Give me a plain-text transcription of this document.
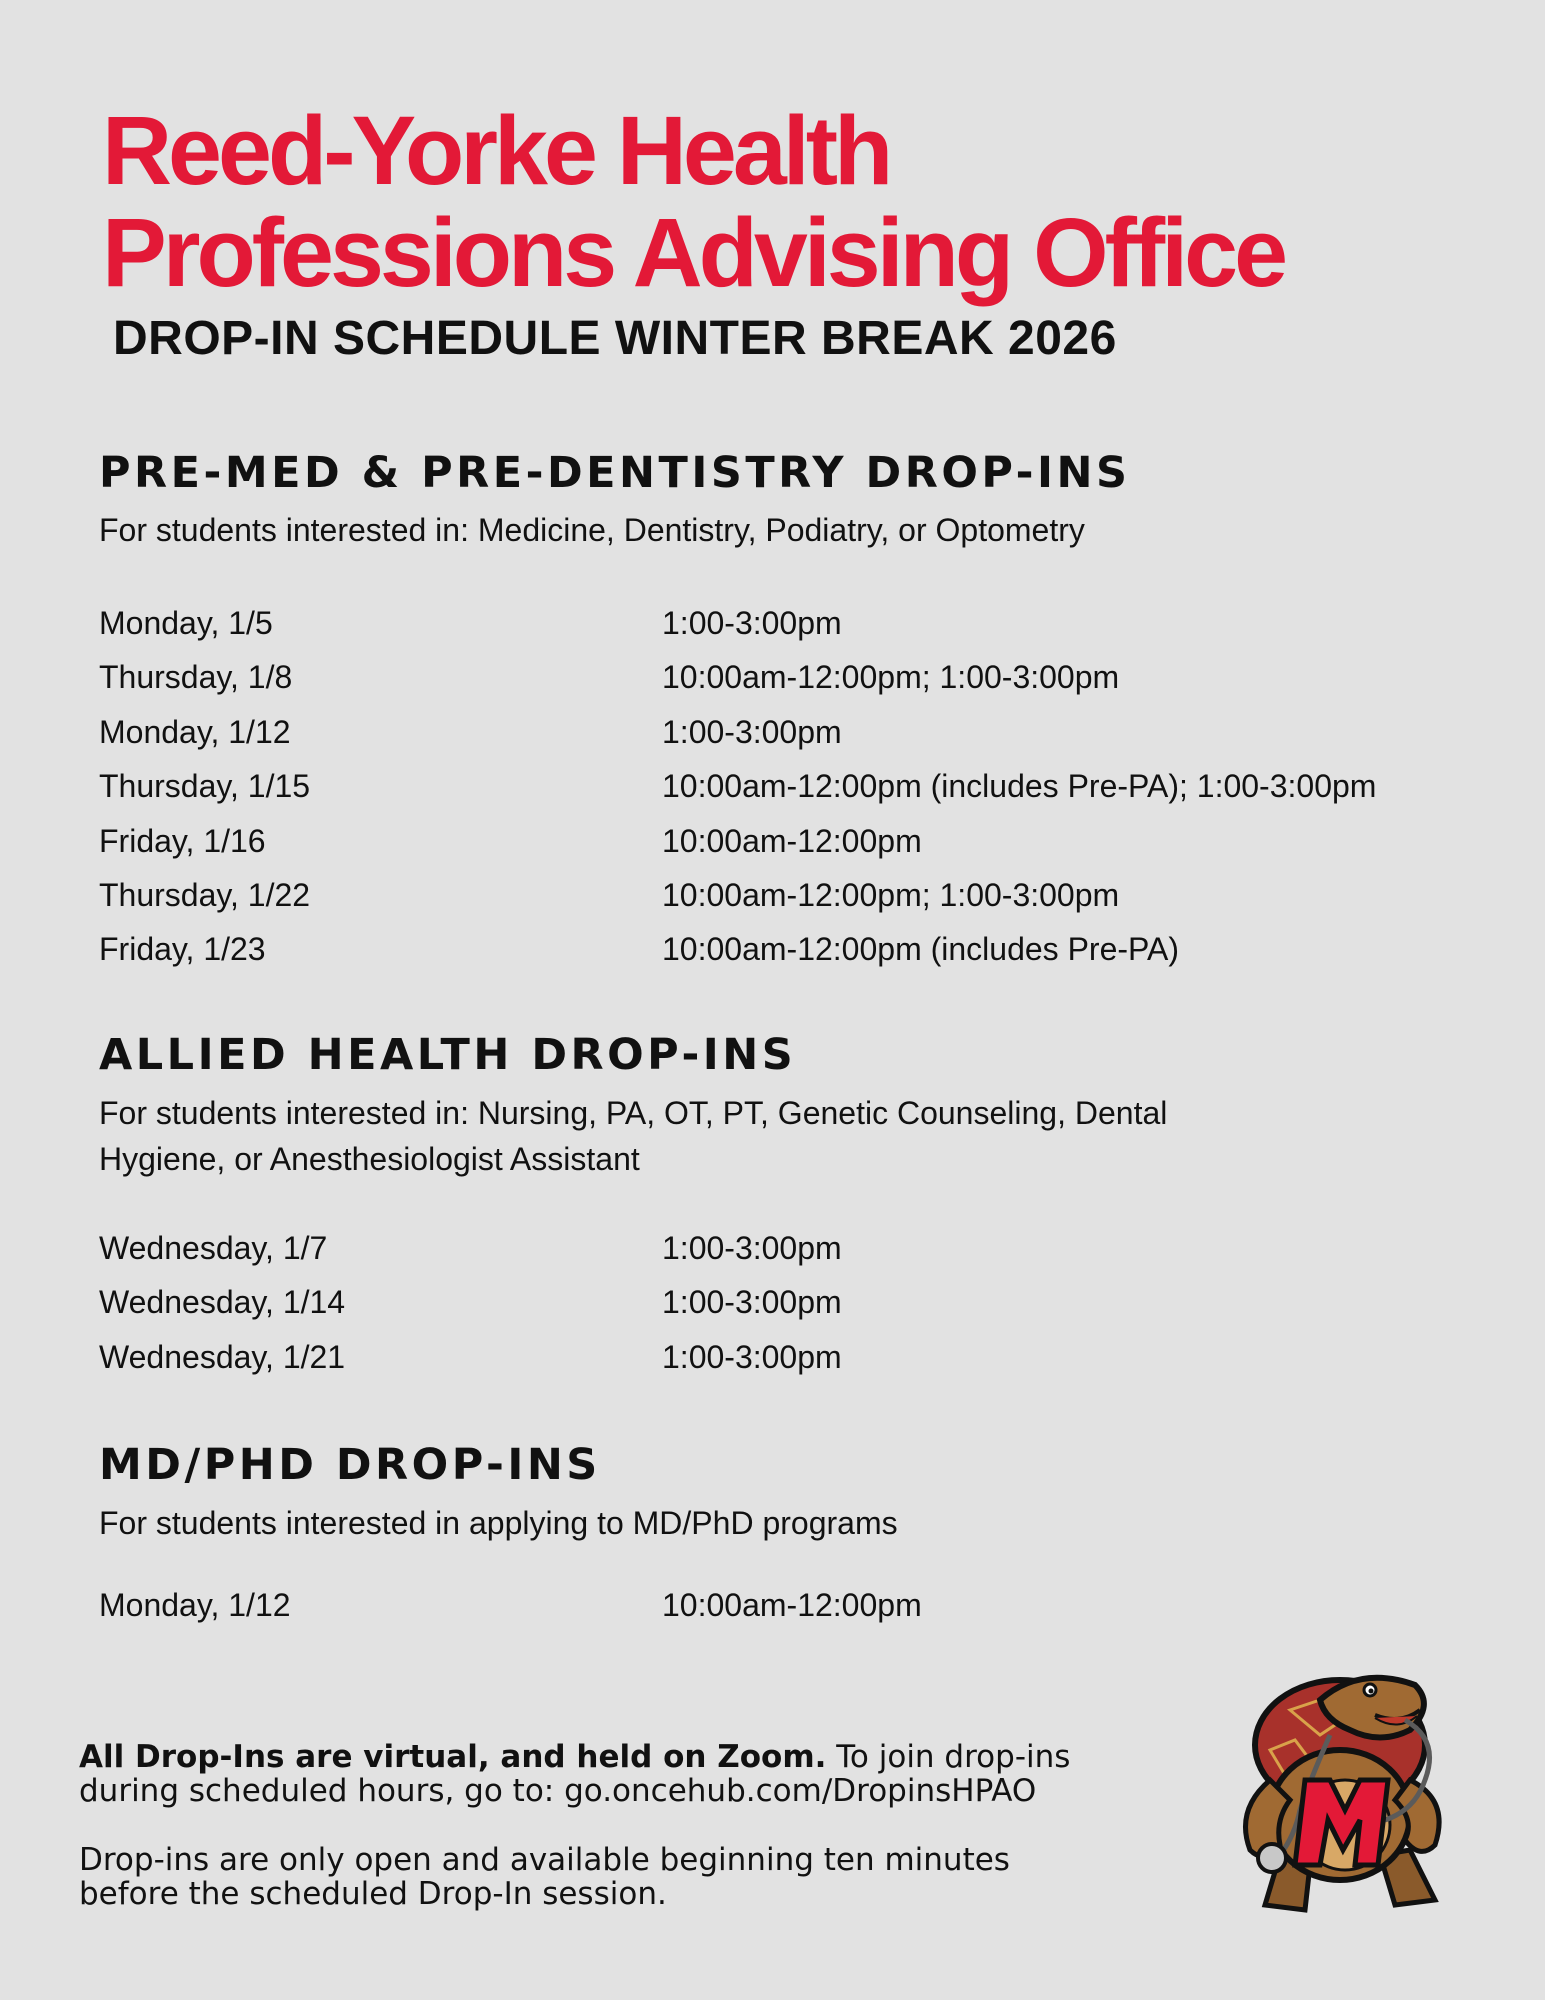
Reed-Yorke Health
Professions Advising Office
DROP-IN SCHEDULE WINTER BREAK 2026
PRE-MED & PRE-DENTISTRY DROP-INS

For students interested in: Medicine, Dentistry, Podiatry, or Optometry

Monday, 1/5	1:00-3:00pm
Thursday, 1/8	10:00am-12:00pm; 1:00-3:00pm
Monday, 1/12	1:00-3:00pm
Thursday, 1/15	10:00am-12:00pm (includes Pre-PA); 1:00-3:00pm
Friday, 1/16	10:00am-12:00pm
Thursday, 1/22	10:00am-12:00pm; 1:00-3:00pm
Friday, 1/23	10:00am-12:00pm (includes Pre-PA)
ALLIED HEALTH DROP-INS

For students interested in: Nursing, PA, OT, PT, Genetic Counseling, Dental
Hygiene, or Anesthesiologist Assistant

Wednesday, 1/7	1:00-3:00pm
Wednesday, 1/14	1:00-3:00pm
Wednesday, 1/21	1:00-3:00pm
MD/PHD DROP-INS

For students interested in applying to MD/PhD programs

Monday, 1/12	10:00am-12:00pm

All Drop-Ins are virtual, and held on Zoom. To join drop-ins
during scheduled hours, go to: go.oncehub.com/DropinsHPAO

Drop-ins are only open and available beginning ten minutes
before the scheduled Drop-In session.
